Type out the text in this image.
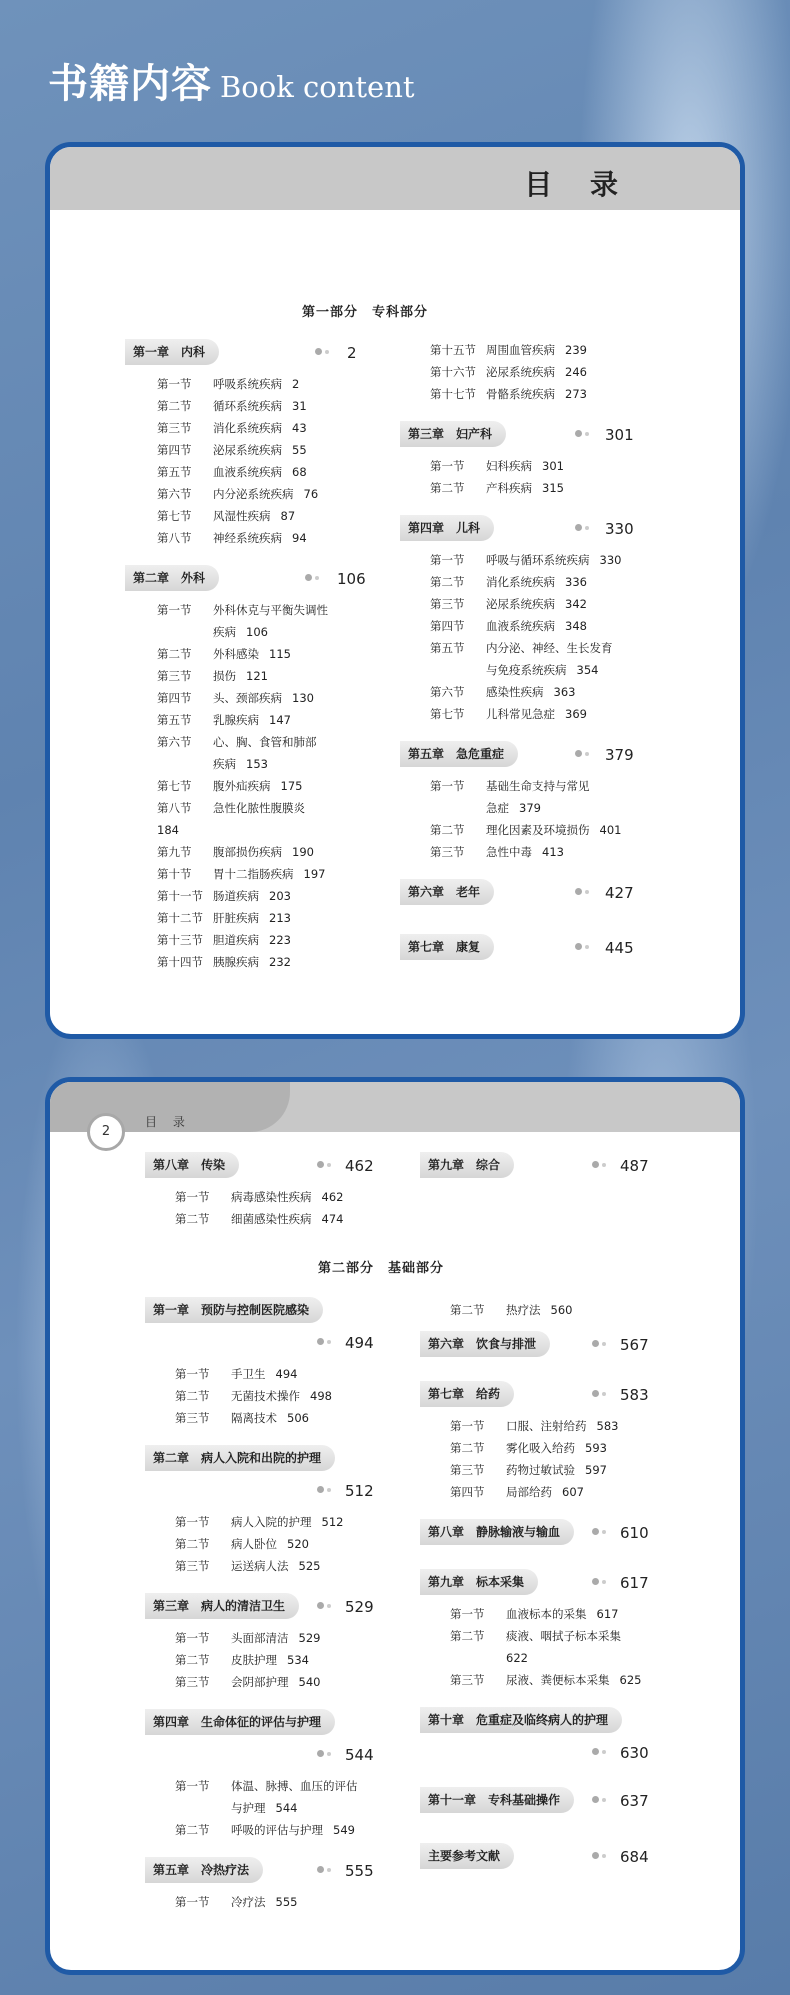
书籍内容 Book content
目 录
第一部分　专科部分
第一章　内科	2
第一节	呼吸系统疾病 2
第二节	循环系统疾病 31
第三节	消化系统疾病 43
第四节	泌尿系统疾病 55
第五节	血液系统疾病 68
第六节	内分泌系统疾病 76
第七节	风湿性疾病 87
第八节	神经系统疾病 94
第二章　外科	106
第一节	外科休克与平衡失调性
疾病 106
第二节	外科感染 115
第三节	损伤 121
第四节	头、颈部疾病 130
第五节	乳腺疾病 147
第六节	心、胸、食管和肺部
疾病 153
第七节	腹外疝疾病 175
第八节	急性化脓性腹膜炎
184
第九节	腹部损伤疾病 190
第十节	胃十二指肠疾病 197
第十一节 肠道疾病 203
第十二节 肝脏疾病 213
第十三节 胆道疾病 223
第十四节 胰腺疾病 232
第十五节 周围血管疾病 239
第十六节 泌尿系统疾病 246
第十七节 骨骼系统疾病 273
第三章　妇产科	301
第一节	妇科疾病 301
第二节	产科疾病 315
第四章　儿科	330
第一节	呼吸与循环系统疾病 330
第二节	消化系统疾病 336
第三节	泌尿系统疾病 342
第四节	血液系统疾病 348
第五节	内分泌、神经、生长发育
与免疫系统疾病 354
第六节	感染性疾病 363
第七节	儿科常见急症 369
第五章　急危重症	379
第一节	基础生命支持与常见
急症 379
第二节	理化因素及环境损伤 401
第三节	急性中毒 413
第六章　老年	427
第七章　康复	445
2
目 录
第八章　传染	462
第一节	病毒感染性疾病 462
第二节	细菌感染性疾病 474
第九章　综合	487
第二部分　基础部分
第一章　预防与控制医院感染
494
第一节	手卫生 494
第二节	无菌技术操作 498
第三节	隔离技术 506
第二章　病人入院和出院的护理
512
第一节	病人入院的护理 512
第二节	病人卧位 520
第三节	运送病人法 525
第三章　病人的清洁卫生	529
第一节	头面部清洁 529
第二节	皮肤护理 534
第三节	会阴部护理 540
第四章　生命体征的评估与护理
544
第一节	体温、脉搏、血压的评估
与护理 544
第二节	呼吸的评估与护理 549
第五章　冷热疗法	555
第一节	冷疗法 555
第二节	热疗法 560
第六章　饮食与排泄	567
第七章　给药	583
第一节	口服、注射给药 583
第二节	雾化吸入给药 593
第三节	药物过敏试验 597
第四节	局部给药 607
第八章　静脉输液与输血	610
第九章　标本采集	617
第一节	血液标本的采集 617
第二节	痰液、咽拭子标本采集
622
第三节	尿液、粪便标本采集 625
第十章　危重症及临终病人的护理
630
第十一章　专科基础操作	637
主要参考文献	684
